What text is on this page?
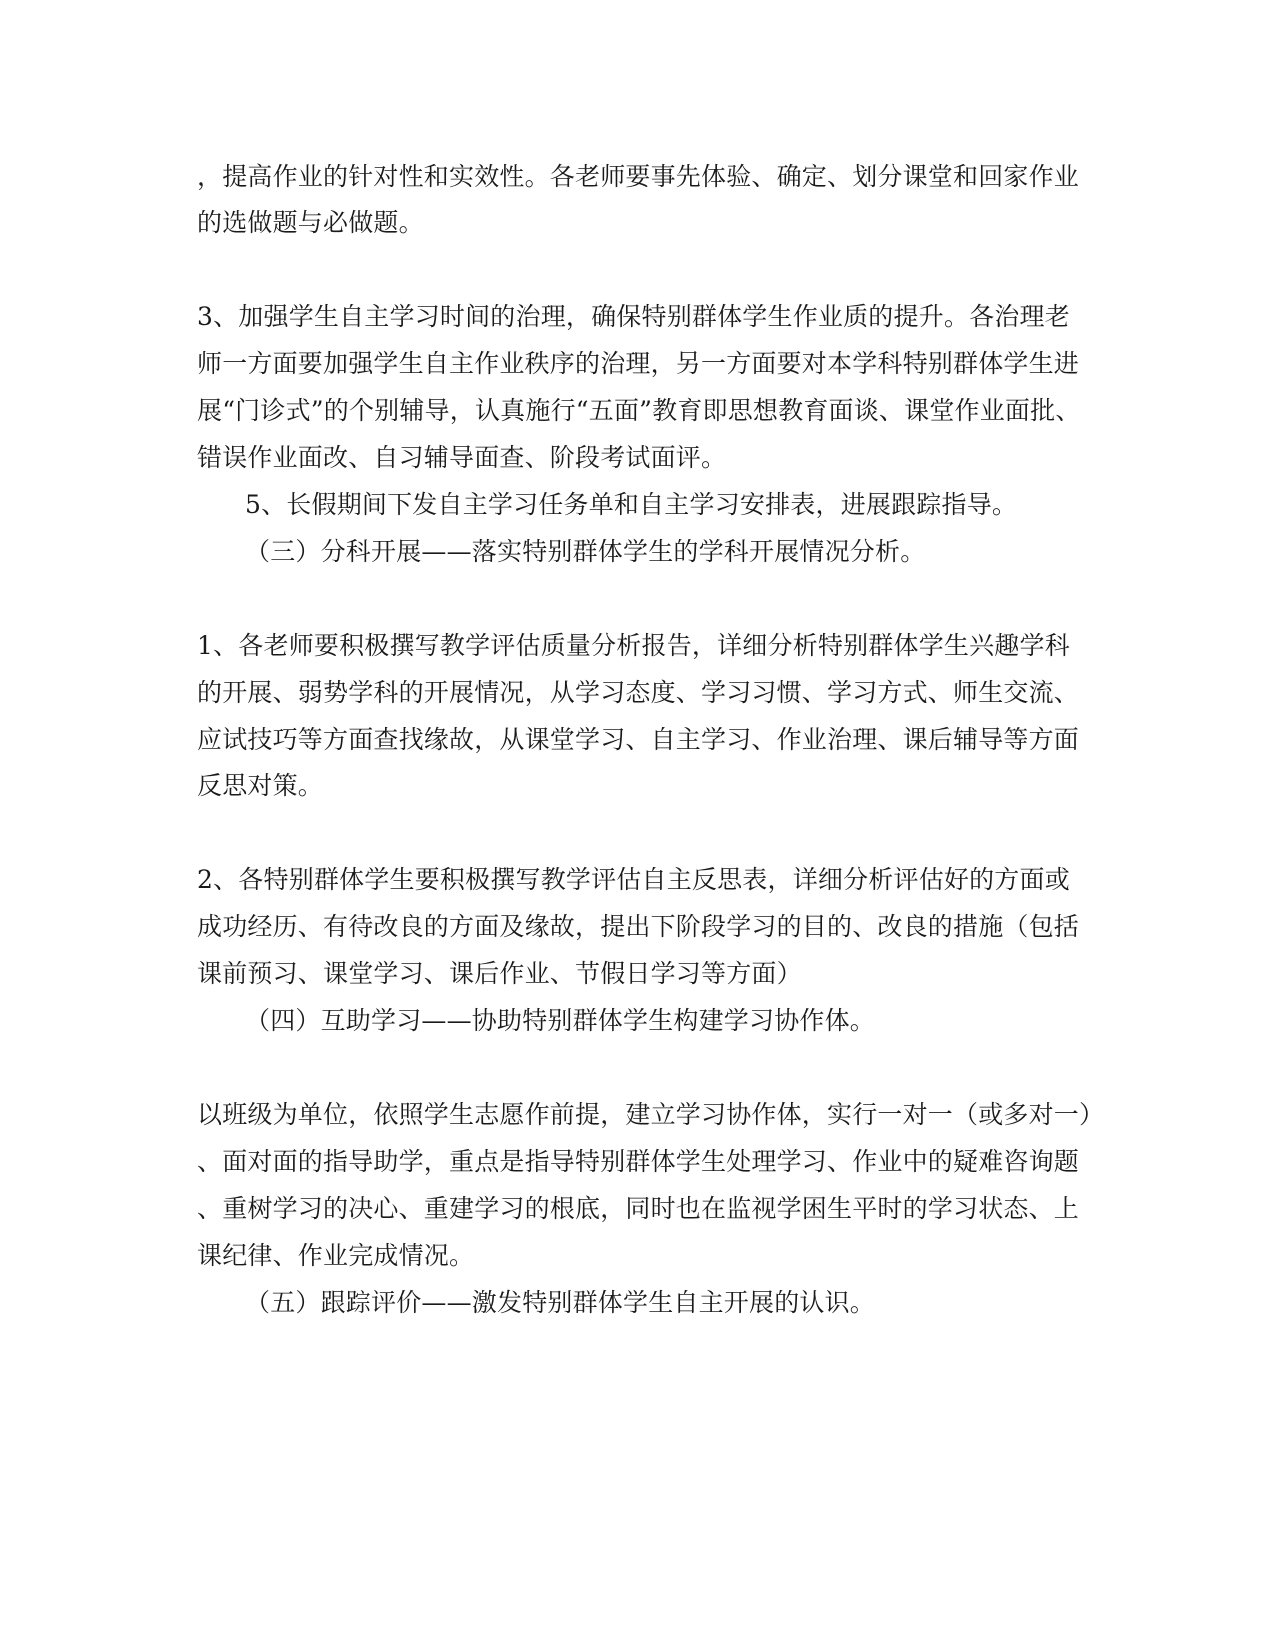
，提高作业的针对性和实效性。各老师要事先体验、确定、划分课堂和回家作业
的选做题与必做题。
3、加强学生自主学习时间的治理，确保特别群体学生作业质的提升。各治理老
师一方面要加强学生自主作业秩序的治理，另一方面要对本学科特别群体学生进
展“门诊式”的个别辅导，认真施行“五面”教育即思想教育面谈、课堂作业面批、
错误作业面改、自习辅导面查、阶段考试面评。
5、长假期间下发自主学习任务单和自主学习安排表，进展跟踪指导。
（三）分科开展——落实特别群体学生的学科开展情况分析。
1、各老师要积极撰写教学评估质量分析报告，详细分析特别群体学生兴趣学科
的开展、弱势学科的开展情况，从学习态度、学习习惯、学习方式、师生交流、
应试技巧等方面查找缘故，从课堂学习、自主学习、作业治理、课后辅导等方面
反思对策。
2、各特别群体学生要积极撰写教学评估自主反思表，详细分析评估好的方面或
成功经历、有待改良的方面及缘故，提出下阶段学习的目的、改良的措施（包括
课前预习、课堂学习、课后作业、节假日学习等方面）
（四）互助学习——协助特别群体学生构建学习协作体。
以班级为单位，依照学生志愿作前提，建立学习协作体，实行一对一（或多对一）
、面对面的指导助学，重点是指导特别群体学生处理学习、作业中的疑难咨询题
、重树学习的决心、重建学习的根底，同时也在监视学困生平时的学习状态、上
课纪律、作业完成情况。
（五）跟踪评价——激发特别群体学生自主开展的认识。
